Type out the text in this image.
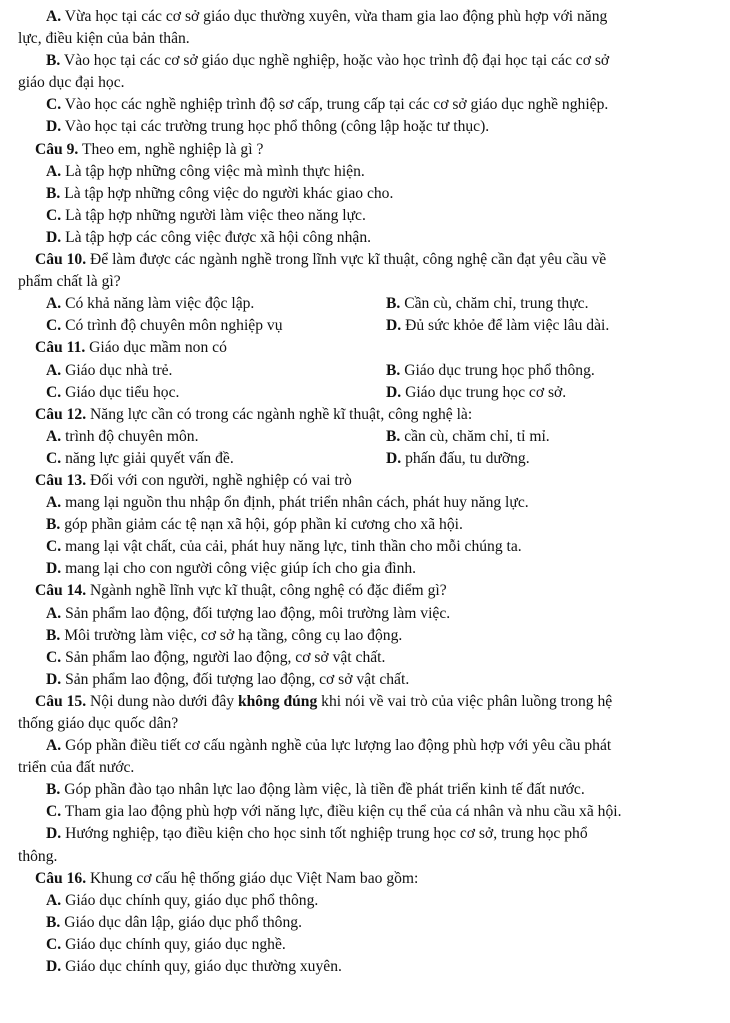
A. Vừa học tại các cơ sở giáo dục thường xuyên, vừa tham gia lao động phù hợp với năng
lực, điều kiện của bản thân.
B. Vào học tại các cơ sở giáo dục nghề nghiệp, hoặc vào học trình độ đại học tại các cơ sở
giáo dục đại học.
C. Vào học các nghề nghiệp trình độ sơ cấp, trung cấp tại các cơ sở giáo dục nghề nghiệp.
D. Vào học tại các trường trung học phổ thông (công lập hoặc tư thục).
Câu 9. Theo em, nghề nghiệp là gì ?
A. Là tập hợp những công việc mà mình thực hiện.
B. Là tập hợp những công việc do người khác giao cho.
C. Là tập hợp những người làm việc theo năng lực.
D. Là tập hợp các công việc được xã hội công nhận.
Câu 10. Để làm được các ngành nghề trong lĩnh vực kĩ thuật, công nghệ cần đạt yêu cầu về
phẩm chất là gì?
A. Có khả năng làm việc độc lập.	B. Cần cù, chăm chỉ, trung thực.
C. Có trình độ chuyên môn nghiệp vụ	D. Đủ sức khỏe để làm việc lâu dài.
Câu 11. Giáo dục mầm non có
A. Giáo dục nhà trẻ.	B. Giáo dục trung học phổ thông.
C. Giáo dục tiểu học.	D. Giáo dục trung học cơ sở.
Câu 12. Năng lực cần có trong các ngành nghề kĩ thuật, công nghệ là:
A. trình độ chuyên môn.	B. cần cù, chăm chỉ, tỉ mỉ.
C. năng lực giải quyết vấn đề.	D. phấn đấu, tu dưỡng.
Câu 13. Đối với con người, nghề nghiệp có vai trò
A. mang lại nguồn thu nhập ổn định, phát triển nhân cách, phát huy năng lực.
B. góp phần giảm các tệ nạn xã hội, góp phần kỉ cương cho xã hội.
C. mang lại vật chất, của cải, phát huy năng lực, tinh thần cho mỗi chúng ta.
D. mang lại cho con người công việc giúp ích cho gia đình.
Câu 14. Ngành nghề lĩnh vực kĩ thuật, công nghệ có đặc điểm gì?
A. Sản phẩm lao động, đối tượng lao động, môi trường làm việc.
B. Môi trường làm việc, cơ sở hạ tầng, công cụ lao động.
C. Sản phẩm lao động, người lao động, cơ sở vật chất.
D. Sản phẩm lao động, đối tượng lao động, cơ sở vật chất.
Câu 15. Nội dung nào dưới đây không đúng khi nói về vai trò của việc phân luồng trong hệ
thống giáo dục quốc dân?
A. Góp phần điều tiết cơ cấu ngành nghề của lực lượng lao động phù hợp với yêu cầu phát
triển của đất nước.
B. Góp phần đào tạo nhân lực lao động làm việc, là tiền đề phát triển kinh tế đất nước.
C. Tham gia lao động phù hợp với năng lực, điều kiện cụ thể của cá nhân và nhu cầu xã hội.
D. Hướng nghiệp, tạo điều kiện cho học sinh tốt nghiệp trung học cơ sở, trung học phổ
thông.
Câu 16. Khung cơ cấu hệ thống giáo dục Việt Nam bao gồm:
A. Giáo dục chính quy, giáo dục phổ thông.
B. Giáo dục dân lập, giáo dục phổ thông.
C. Giáo dục chính quy, giáo dục nghề.
D. Giáo dục chính quy, giáo dục thường xuyên.
